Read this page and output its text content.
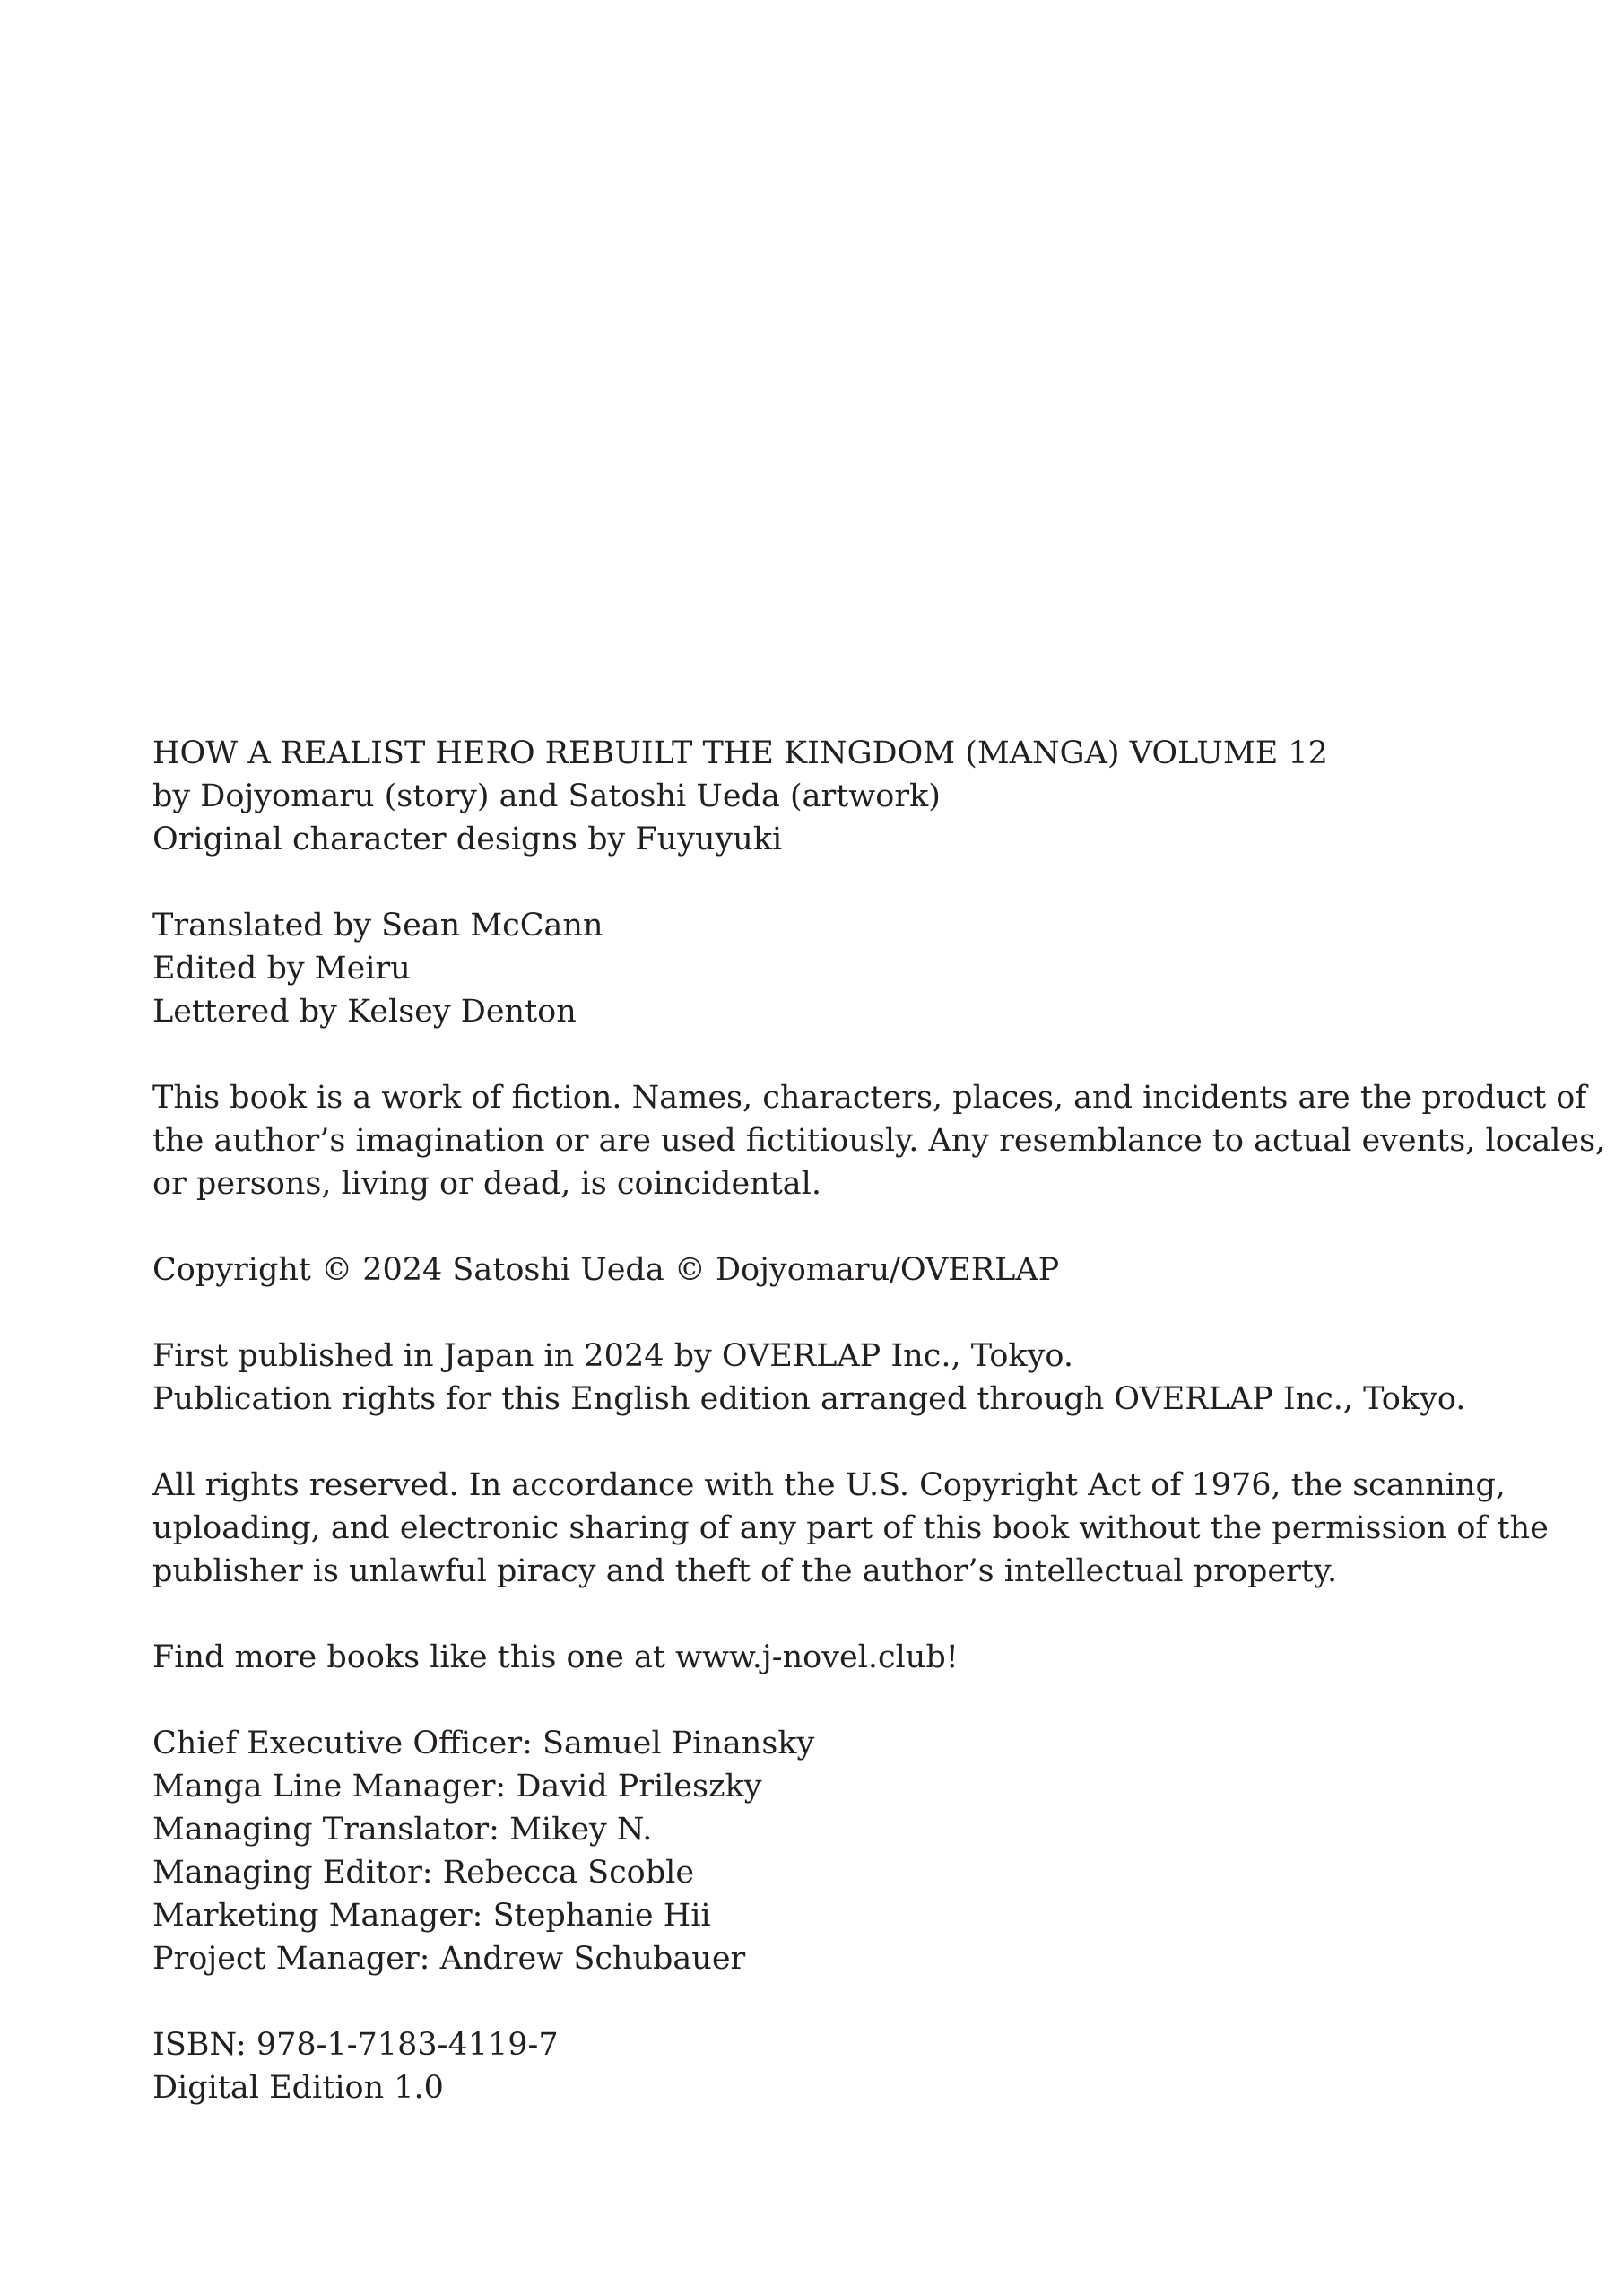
HOW A REALIST HERO REBUILT THE KINGDOM (MANGA) VOLUME 12
by Dojyomaru (story) and Satoshi Ueda (artwork)
Original character designs by Fuyuyuki
Translated by Sean McCann
Edited by Meiru
Lettered by Kelsey Denton
This book is a work of fiction. Names, characters, places, and incidents are the product of
the author’s imagination or are used fictitiously. Any resemblance to actual events, locales,
or persons, living or dead, is coincidental.
Copyright © 2024 Satoshi Ueda © Dojyomaru/OVERLAP
First published in Japan in 2024 by OVERLAP Inc., Tokyo.
Publication rights for this English edition arranged through OVERLAP Inc., Tokyo.
All rights reserved. In accordance with the U.S. Copyright Act of 1976, the scanning,
uploading, and electronic sharing of any part of this book without the permission of the
publisher is unlawful piracy and theft of the author’s intellectual property.
Find more books like this one at www.j-novel.club!
Chief Executive Officer: Samuel Pinansky
Manga Line Manager: David Prileszky
Managing Translator: Mikey N.
Managing Editor: Rebecca Scoble
Marketing Manager: Stephanie Hii
Project Manager: Andrew Schubauer
ISBN: 978-1-7183-4119-7
Digital Edition 1.0
